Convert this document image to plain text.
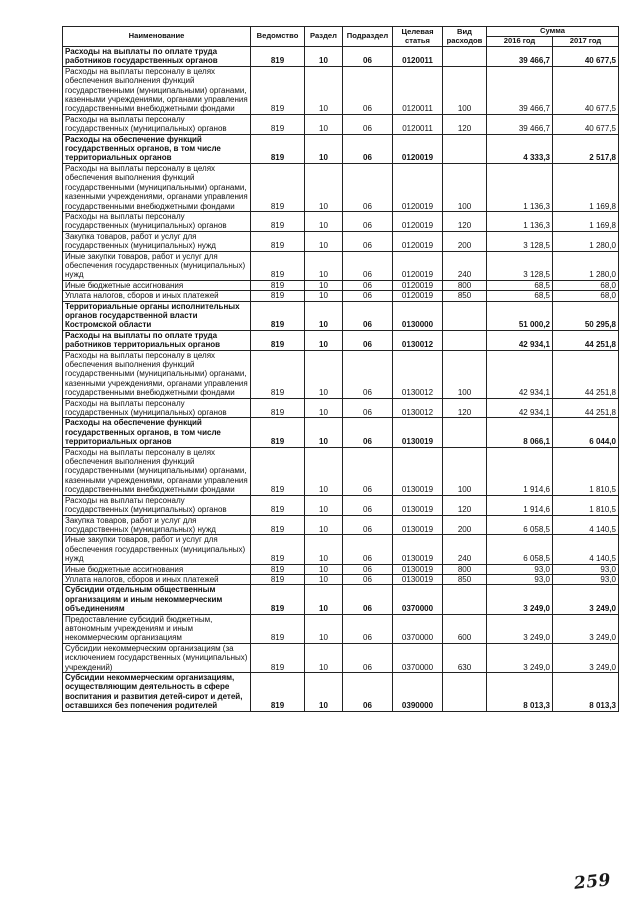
Наименование	Ведомство	Раздел	Подраздел	Целевая статья	Вид расходов	Сумма	
						2016 год	2017 год
Расходы на выплаты по оплате труда работников государственных органов	819	10	06	0120011		39 466,7	40 677,5
Расходы на выплаты персоналу в целях обеспечения выполнения функций государственными (муниципальными) органами, казенными учреждениями, органами управления государственными внебюджетными фондами	819	10	06	0120011	100	39 466,7	40 677,5
Расходы на выплаты персоналу государственных (муниципальных) органов	819	10	06	0120011	120	39 466,7	40 677,5
Расходы на обеспечение функций государственных органов, в том числе территориальных органов	819	10	06	0120019		4 333,3	2 517,8
Расходы на выплаты персоналу в целях обеспечения выполнения функций государственными (муниципальными) органами, казенными учреждениями, органами управления государственными внебюджетными фондами	819	10	06	0120019	100	1 136,3	1 169,8
Расходы на выплаты персоналу государственных (муниципальных) органов	819	10	06	0120019	120	1 136,3	1 169,8
Закупка товаров, работ и услуг для государственных (муниципальных) нужд	819	10	06	0120019	200	3 128,5	1 280,0
Иные закупки товаров, работ и услуг для обеспечения государственных (муниципальных) нужд	819	10	06	0120019	240	3 128,5	1 280,0
Иные бюджетные ассигнования	819	10	06	0120019	800	68,5	68,0
Уплата налогов, сборов и иных платежей	819	10	06	0120019	850	68,5	68,0
Территориальные органы исполнительных органов государственной власти Костромской области	819	10	06	0130000		51 000,2	50 295,8
Расходы на выплаты по оплате труда работников территориальных органов	819	10	06	0130012		42 934,1	44 251,8
Расходы на выплаты персоналу в целях обеспечения выполнения функций государственными (муниципальными) органами, казенными учреждениями, органами управления государственными внебюджетными фондами	819	10	06	0130012	100	42 934,1	44 251,8
Расходы на выплаты персоналу государственных (муниципальных) органов	819	10	06	0130012	120	42 934,1	44 251,8
Расходы на обеспечение функций государственных органов, в том числе территориальных органов	819	10	06	0130019		8 066,1	6 044,0
Расходы на выплаты персоналу в целях обеспечения выполнения функций государственными (муниципальными) органами, казенными учреждениями, органами управления государственными внебюджетными фондами	819	10	06	0130019	100	1 914,6	1 810,5
Расходы на выплаты персоналу государственных (муниципальных) органов	819	10	06	0130019	120	1 914,6	1 810,5
Закупка товаров, работ и услуг для государственных (муниципальных) нужд	819	10	06	0130019	200	6 058,5	4 140,5
Иные закупки товаров, работ и услуг для обеспечения государственных (муниципальных) нужд	819	10	06	0130019	240	6 058,5	4 140,5
Иные бюджетные ассигнования	819	10	06	0130019	800	93,0	93,0
Уплата налогов, сборов и иных платежей	819	10	06	0130019	850	93,0	93,0
Субсидии отдельным общественным организациям и иным некоммерческим объединениям	819	10	06	0370000		3 249,0	3 249,0
Предоставление субсидий бюджетным, автономным учреждениям и иным некоммерческим организациям	819	10	06	0370000	600	3 249,0	3 249,0
Субсидии некоммерческим организациям (за исключением государственных (муниципальных) учреждений)	819	10	06	0370000	630	3 249,0	3 249,0
Субсидии некоммерческим организациям, осуществляющим деятельность в сфере воспитания и развития детей-сирот и детей, оставшихся без попечения родителей	819	10	06	0390000		8 013,3	8 013,3
259
